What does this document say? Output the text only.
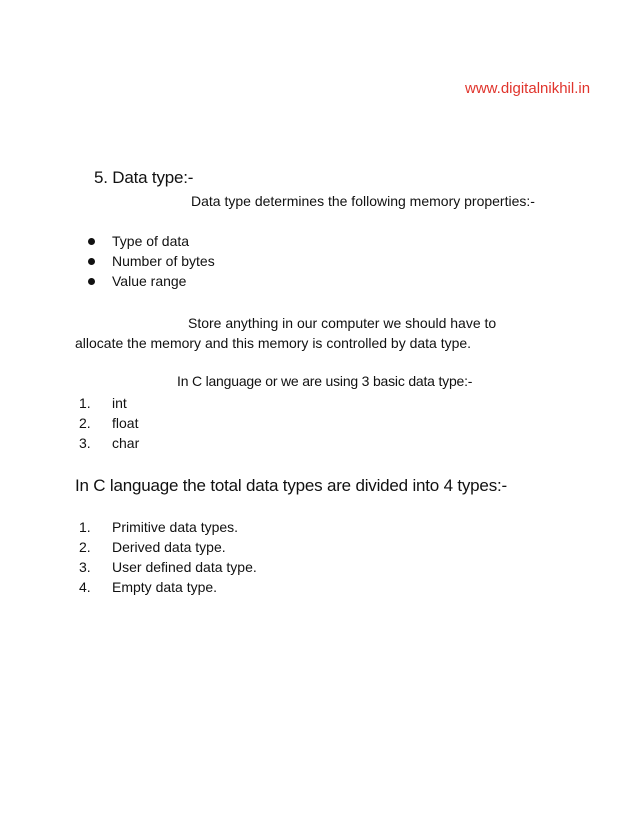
www.digitalnikhil.in
5. Data type:-
Data type determines the following memory properties:-
Type of data
Number of bytes
Value range
Store anything in our computer we should have to
allocate the memory and this memory is controlled by data type.
In C language or we are using 3 basic data type:-
1.	int
2.	float
3.	char
In C language the total data types are divided into 4 types:-
1.	Primitive data types.
2.	Derived data type.
3.	User defined data type.
4.	Empty data type.
